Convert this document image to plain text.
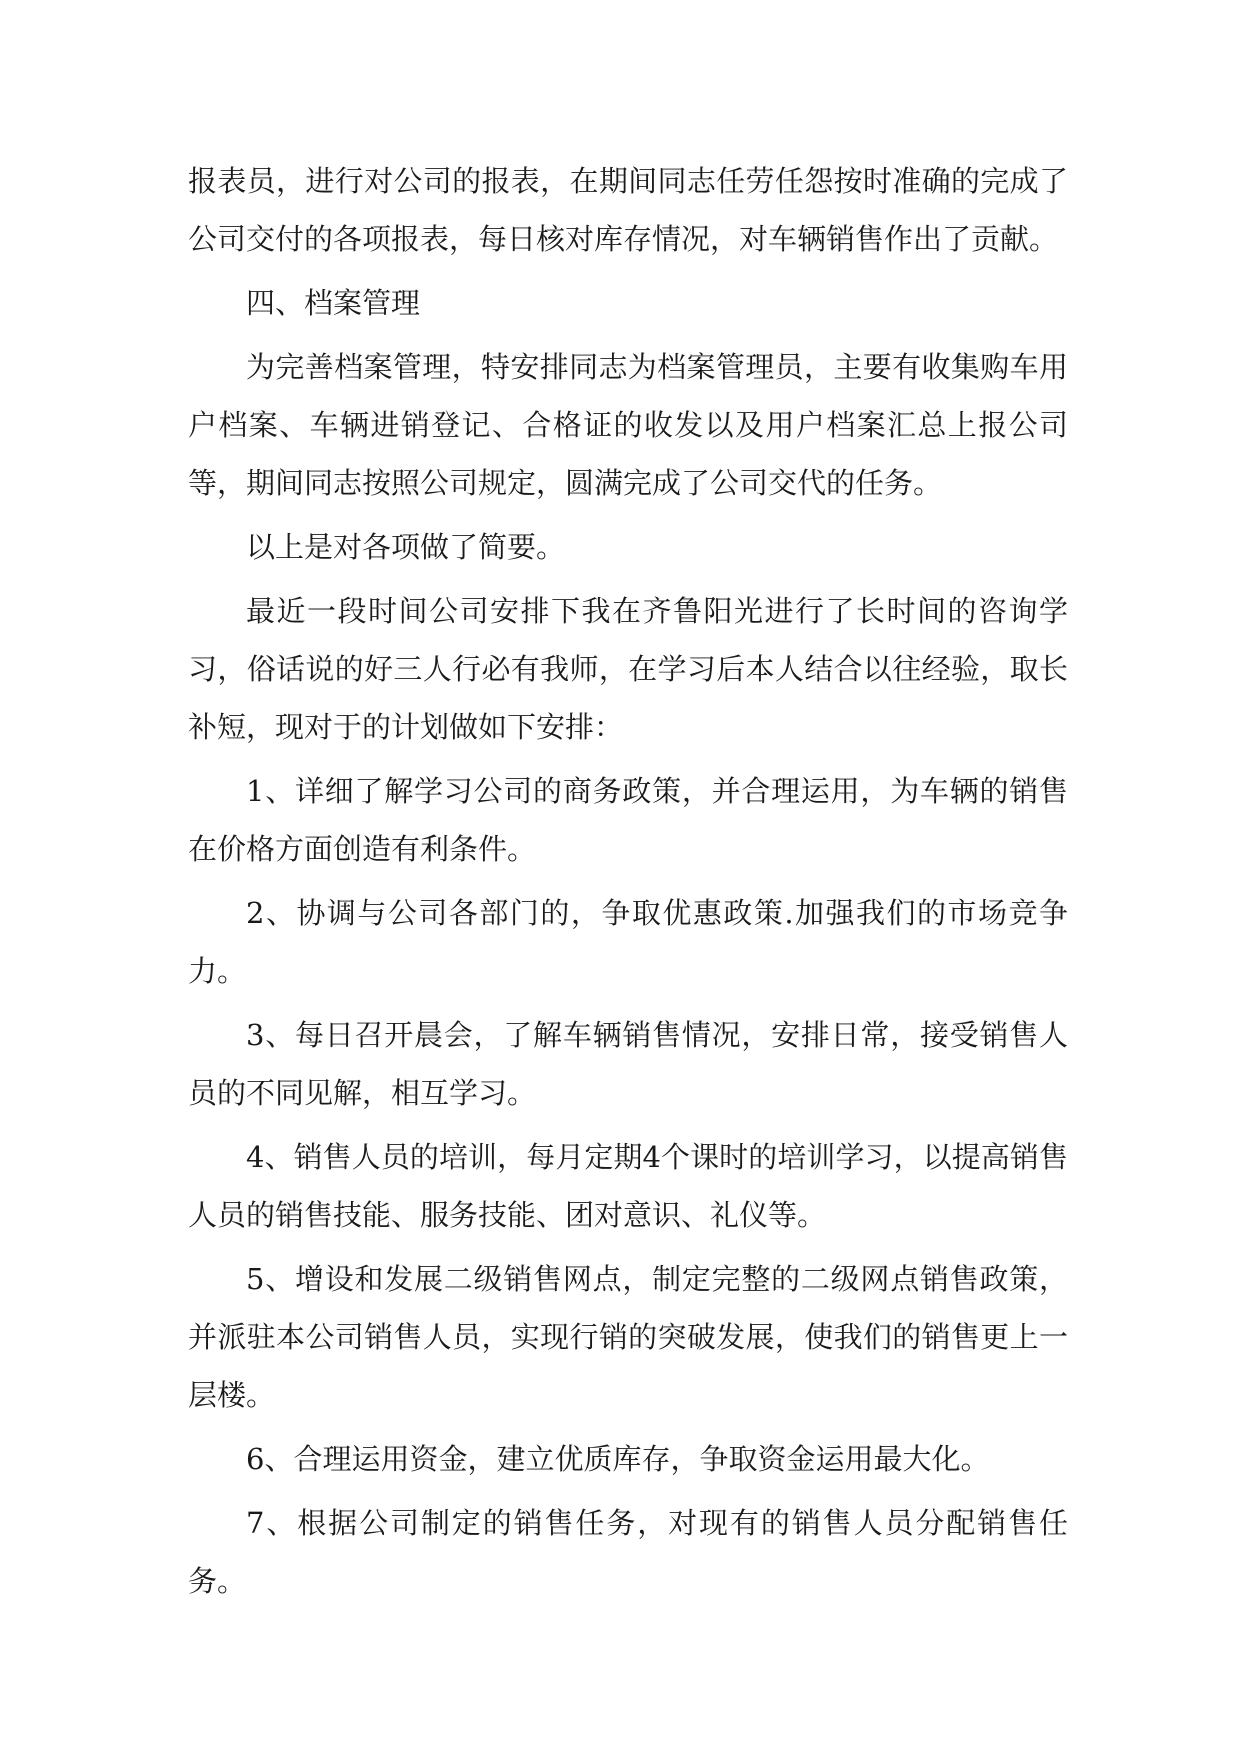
报表员，进行对公司的报表，在期间同志任劳任怨按时准确的完成了公司交付的各项报表，每日核对库存情况，对车辆销售作出了贡献。

四、档案管理

为完善档案管理，特安排同志为档案管理员，主要有收集购车用户档案、车辆进销登记、合格证的收发以及用户档案汇总上报公司等，期间同志按照公司规定，圆满完成了公司交代的任务。

以上是对各项做了简要。

最近一段时间公司安排下我在齐鲁阳光进行了长时间的咨询学习，俗话说的好三人行必有我师，在学习后本人结合以往经验，取长补短，现对于的计划做如下安排：

1、详细了解学习公司的商务政策，并合理运用，为车辆的销售在价格方面创造有利条件。

2、协调与公司各部门的，争取优惠政策.加强我们的市场竞争力。

3、每日召开晨会，了解车辆销售情况，安排日常，接受销售人员的不同见解，相互学习。

4、销售人员的培训，每月定期4个课时的培训学习，以提高销售人员的销售技能、服务技能、团对意识、礼仪等。

5、增设和发展二级销售网点，制定完整的二级网点销售政策，并派驻本公司销售人员，实现行销的突破发展，使我们的销售更上一层楼。

6、合理运用资金，建立优质库存，争取资金运用最大化。

7、根据公司制定的销售任务，对现有的销售人员分配销售任务。
